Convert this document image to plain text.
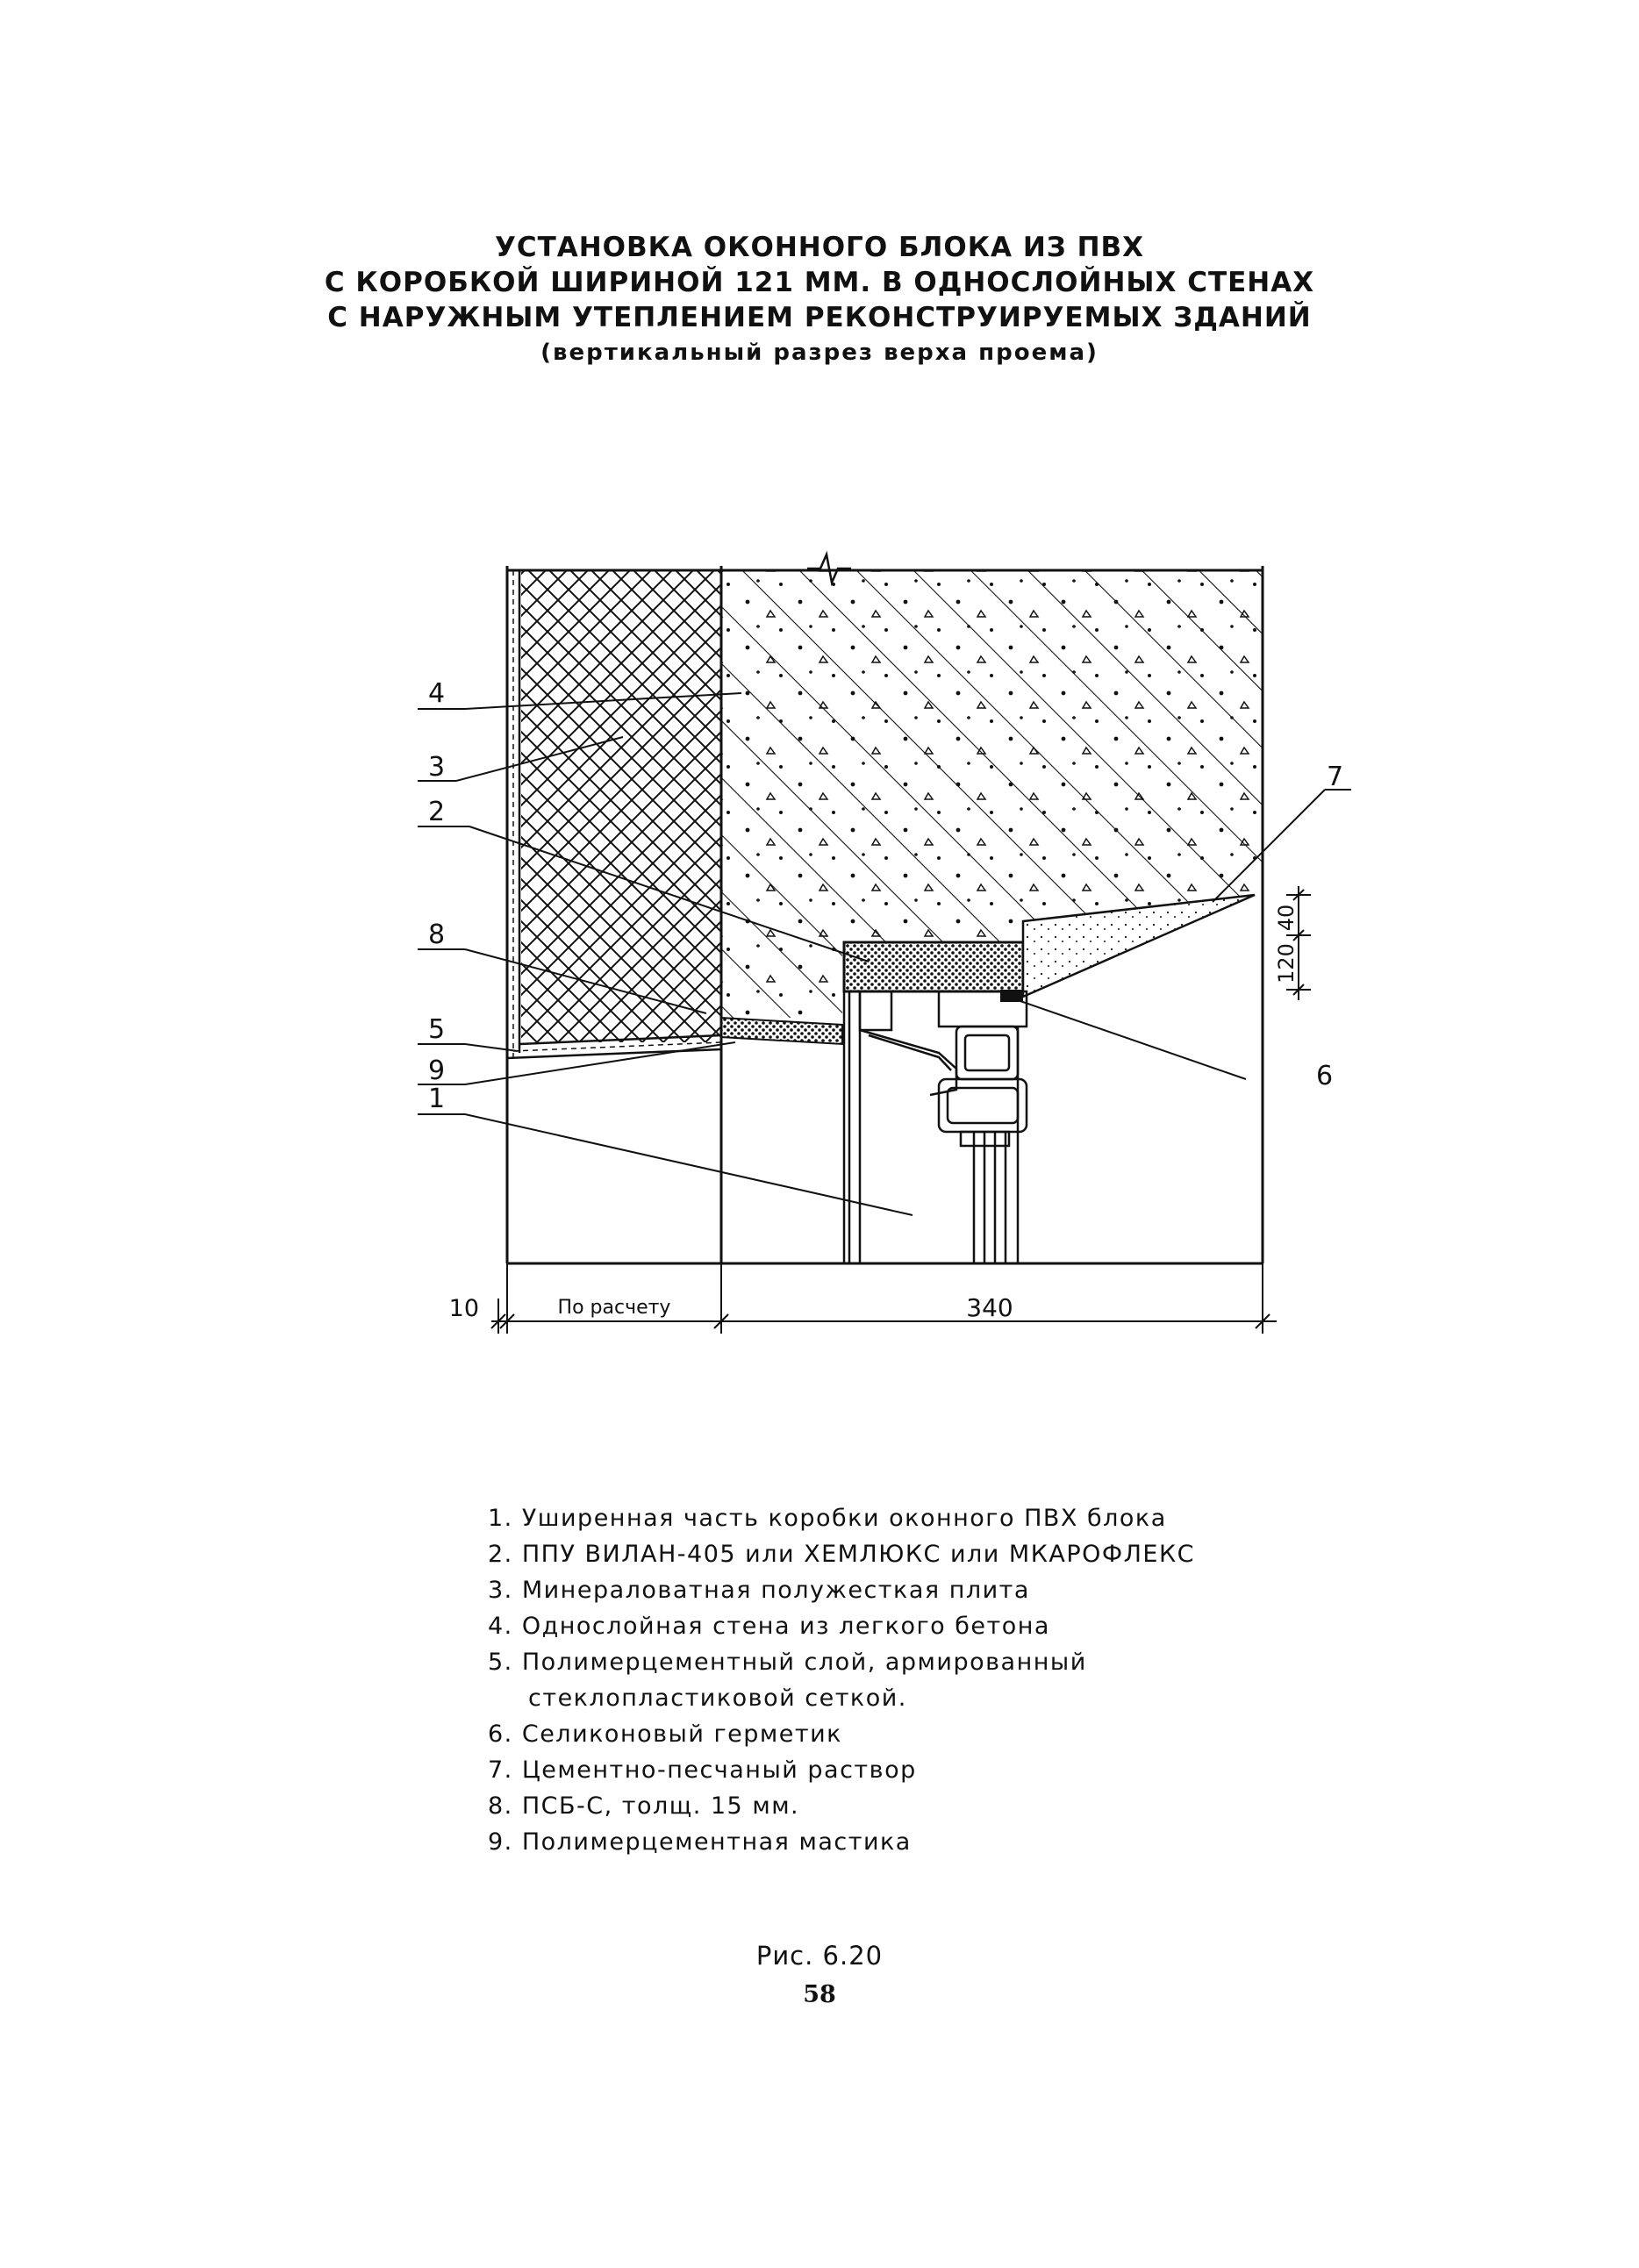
УСТАНОВКА ОКОННОГО БЛОКА ИЗ ПВХ

С КОРОБКОЙ ШИРИНОЙ 121 ММ. В ОДНОСЛОЙНЫХ СТЕНАХ

С НАРУЖНЫМ УТЕПЛЕНИЕМ РЕКОНСТРУИРУЕМЫХ ЗДАНИЙ

(вертикальный разрез верха проема)

4
3
2
8
5
9
1
6
7
40
120
10	По расчету	340
1. Уширенная часть коробки оконного ПВХ блока
2. ППУ ВИЛАН-405 или ХЕМЛЮКС или МКАРОФЛЕКС
3. Минераловатная полужесткая плита
4. Однослойная стена из легкого бетона
5. Полимерцементный слой, армированный
стеклопластиковой сеткой.
6. Селиконовый герметик
7. Цементно-песчаный раствор
8. ПСБ-С, толщ. 15 мм.
9. Полимерцементная мастика
Рис. 6.20
58
